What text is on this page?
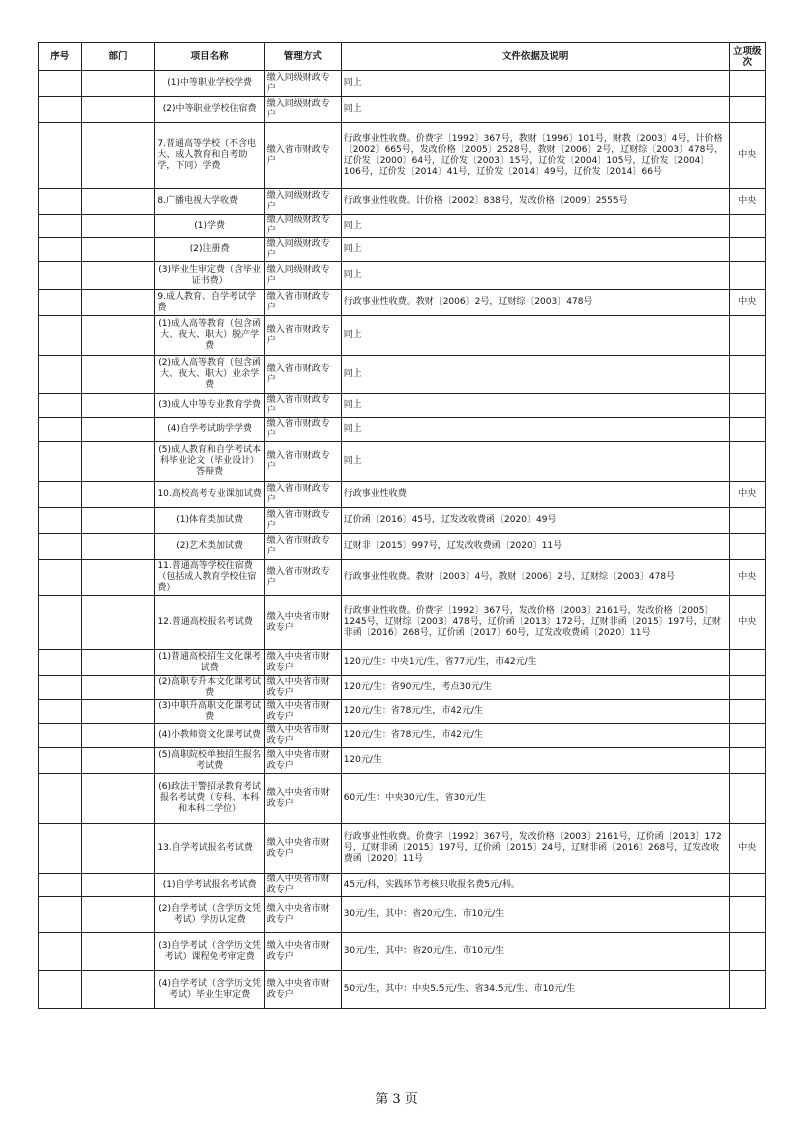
序号	部门	项目名称	管理方式	文件依据及说明	立项级次
		(1)中等职业学校学费	缴入同级财政专户	同上	
		(2)中等职业学校住宿费	缴入同级财政专户	同上	
		7.普通高等学校（不含电大、成人教育和自考助学，下同）学费	缴入省市财政专户	行政事业性收费。价费字〔1992〕367号，教财〔1996〕101号，财教〔2003〕4号，计价格〔2002〕665号，发改价格〔2005〕2528号，教财〔2006〕2号，辽财综〔2003〕478号，辽价发〔2000〕64号，辽价发〔2003〕15号，辽价发〔2004〕105号，辽价发〔2004〕106号，辽价发〔2014〕41号，辽价发〔2014〕49号，辽价发〔2014〕66号	中央
		8.广播电视大学收费	缴入同级财政专户	行政事业性收费。计价格〔2002〕838号，发改价格〔2009〕2555号	中央
		(1)学费	缴入同级财政专户	同上	
		(2)注册费	缴入同级财政专户	同上	
		(3)毕业生审定费（含毕业证书费）	缴入同级财政专户	同上	
		9.成人教育、自学考试学费	缴入省市财政专户	行政事业性收费。教财〔2006〕2号，辽财综〔2003〕478号	中央
		(1)成人高等教育（包含函大、夜大、职大）脱产学费	缴入省市财政专户	同上	
		(2)成人高等教育（包含函大、夜大、职大）业余学费	缴入省市财政专户	同上	
		(3)成人中等专业教育学费	缴入省市财政专户	同上	
		(4)自学考试助学学费	缴入省市财政专户	同上	
		(5)成人教育和自学考试本科毕业论文（毕业设计）答辩费	缴入省市财政专户	同上	
		10.高校高考专业课加试费	缴入省市财政专户	行政事业性收费	中央
		(1)体育类加试费	缴入省市财政专户	辽价函〔2016〕45号，辽发改收费函〔2020〕49号	
		(2)艺术类加试费	缴入省市财政专户	辽财非〔2015〕997号，辽发改收费函〔2020〕11号	
		11.普通高等学校住宿费（包括成人教育学校住宿费）	缴入省市财政专户	行政事业性收费。教财〔2003〕4号，教财〔2006〕2号，辽财综〔2003〕478号	中央
		12.普通高校报名考试费	缴入中央省市财政专户	行政事业性收费。价费字〔1992〕367号，发改价格〔2003〕2161号，发改价格〔2005〕1245号，辽财综〔2003〕478号，辽价函〔2013〕172号，辽财非函〔2015〕197号，辽财非函〔2016〕268号，辽价函〔2017〕60号，辽发改收费函〔2020〕11号	中央
		(1)普通高校招生文化课考试费	缴入中央省市财政专户	120元/生：中央1元/生，省77元/生，市42元/生	
		(2)高职专升本文化课考试费	缴入中央省市财政专户	120元/生：省90元/生，考点30元/生	
		(3)中职升高职文化课考试费	缴入中央省市财政专户	120元/生：省78元/生，市42元/生	
		(4)小教师资文化课考试费	缴入中央省市财政专户	120元/生：省78元/生，市42元/生	
		(5)高职院校单独招生报名考试费	缴入中央省市财政专户	120元/生	
		(6)政法干警招录教育考试报名考试费（专科、本科和本科二学位）	缴入中央省市财政专户	60元/生：中央30元/生，省30元/生	
		13.自学考试报名考试费	缴入中央省市财政专户	行政事业性收费。价费字〔1992〕367号，发改价格〔2003〕2161号，辽价函〔2013〕172号，辽财非函〔2015〕197号，辽价函〔2015〕24号，辽财非函〔2016〕268号，辽发改收费函〔2020〕11号	中央
		(1)自学考试报名考试费	缴入中央省市财政专户	45元/科，实践环节考核只收报名费5元/科。	
		(2)自学考试（含学历文凭考试）学历认定费	缴入中央省市财政专户	30元/生，其中：省20元/生、市10元/生	
		(3)自学考试（含学历文凭考试）课程免考审定费	缴入中央省市财政专户	30元/生，其中：省20元/生、市10元/生	
		(4)自学考试（含学历文凭考试）毕业生审定费	缴入中央省市财政专户	50元/生，其中：中央5.5元/生、省34.5元/生、市10元/生	
第 3 页
